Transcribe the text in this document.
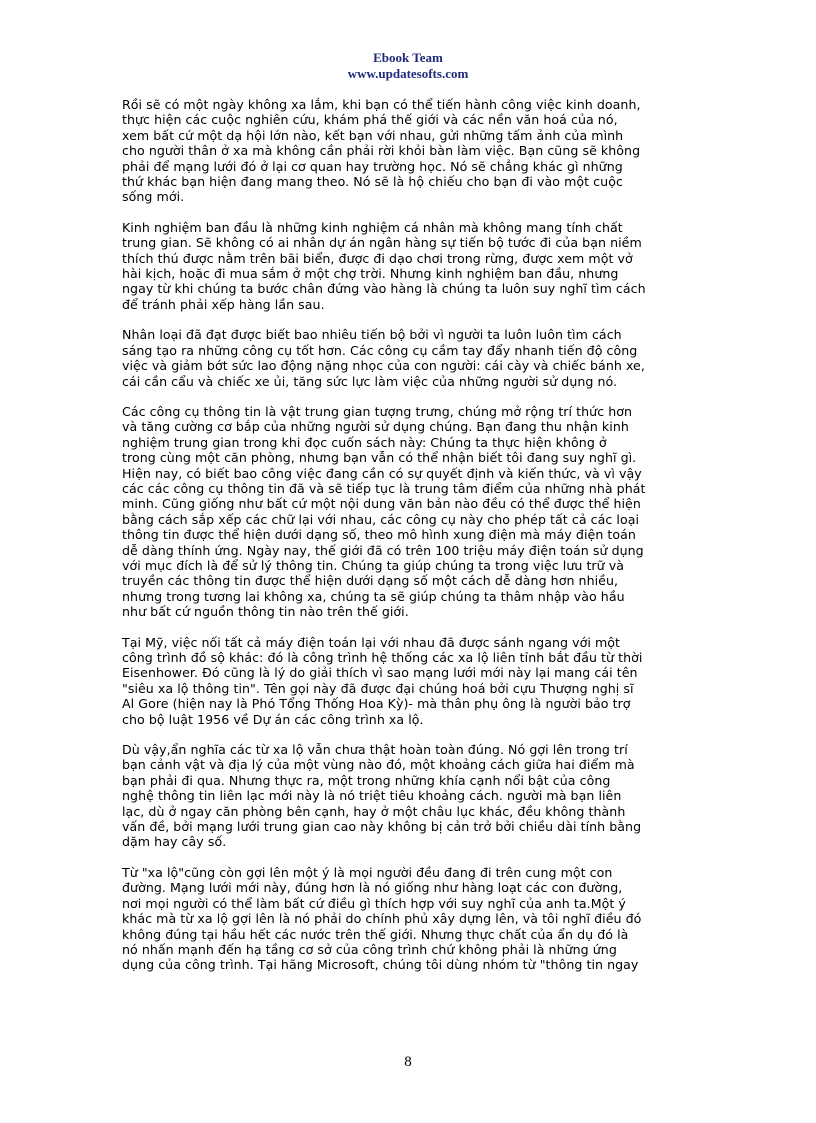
Ebook Team
www.updatesofts.com

Rồi sẽ có một ngày không xa lắm, khi bạn có thể tiến hành công việc kinh doanh,
thực hiện các cuộc nghiên cứu, khám phá thế giới và các nền văn hoá của nó,
xem bất cứ một dạ hội lớn nào, kết bạn với nhau, gửi những tấm ảnh của mình
cho người thân ở xa mà không cần phải rời khỏi bàn làm việc. Bạn cũng sẽ không
phải để mạng lưới đó ở lại cơ quan hay trường học. Nó sẽ chẳng khác gì những
thứ khác bạn hiện đang mang theo. Nó sẽ là hộ chiếu cho bạn đi vào một cuộc
sống mới.

Kinh nghiệm ban đầu là những kinh nghiệm cá nhân mà không mang tính chất
trung gian. Sẽ không có ai nhân dự án ngân hàng sự tiến bộ tước đi của bạn niềm
thích thú được nằm trên bãi biển, được đi dạo chơi trong rừng, được xem một vở
hài kịch, hoặc đi mua sắm ở một chợ trời. Nhưng kinh nghiệm ban đầu, nhưng
ngay từ khi chúng ta bước chân đứng vào hàng là chúng ta luôn suy nghĩ tìm cách
để tránh phải xếp hàng lần sau.

Nhân loại đã đạt được biết bao nhiêu tiến bộ bởi vì người ta luôn luôn tìm cách
sáng tạo ra những công cụ tốt hơn. Các công cụ cầm tay đẩy nhanh tiến độ công
việc và giảm bớt sức lao động nặng nhọc của con người: cái cày và chiếc bánh xe,
cái cần cẩu và chiếc xe ủi, tăng sức lực làm việc của những người sử dụng nó.

Các công cụ thông tin là vật trung gian tượng trưng, chúng mở rộng trí thức hơn
và tăng cường cơ bắp của những người sử dụng chúng. Bạn đang thu nhận kinh
nghiệm trung gian trong khi đọc cuốn sách này: Chúng ta thực hiện không ở
trong cùng một căn phòng, nhưng bạn vẫn có thể nhận biết tôi đang suy nghĩ gì.
Hiện nay, có biết bao công việc đang cần có sự quyết định và kiến thức, và vì vậy
các các công cụ thông tin đã và sẽ tiếp tục là trung tâm điểm của những nhà phát
minh. Cũng giống như bất cứ một nội dung văn bản nào đều có thể được thể hiện
bằng cách sắp xếp các chữ lại với nhau, các công cụ này cho phép tất cả các loại
thông tin được thể hiện dưới dạng số, theo mô hình xung điện mà máy điện toán
dễ dàng thính ứng. Ngày nay, thế giới đã có trên 100 triệu máy điện toán sử dụng
với mục đích là để sử lý thông tin. Chúng ta giúp chúng ta trong việc lưu trữ và
truyền các thông tin được thể hiện dưới dạng số một cách dễ dàng hơn nhiều,
nhưng trong tương lai không xa, chúng ta sẽ giúp chúng ta thâm nhập vào hầu
như bất cứ nguồn thông tin nào trên thế giới.

Tại Mỹ, việc nối tất cả máy điện toán lại với nhau đã được sánh ngang với một
công trình đồ sộ khác: đó là công trình hệ thống các xa lộ liên tỉnh bắt đầu từ thời
Eisenhower. Đó cũng là lý do giải thích vì sao mạng lưới mới này lại mang cái tên
"siêu xa lộ thông tin". Tên gọi này đã được đại chúng hoá bởi cựu Thượng nghị sĩ
Al Gore (hiện nay là Phó Tổng Thống Hoa Kỳ)- mà thân phụ ông là người bảo trợ
cho bộ luật 1956 về Dự án các công trình xa lộ.

Dù vậy,ẩn nghĩa các từ xa lộ vẫn chưa thật hoàn toàn đúng. Nó gợi lên trong trí
bạn cảnh vật và địa lý của một vùng nào đó, một khoảng cách giữa hai điểm mà
bạn phải đi qua. Nhưng thực ra, một trong những khía cạnh nổi bật của công
nghệ thông tin liên lạc mới này là nó triệt tiêu khoảng cách. người mà bạn liên
lạc, dù ở ngay căn phòng bên cạnh, hay ở một châu lục khác, đều không thành
vấn đề, bởi mạng lưới trung gian cao này không bị cản trở bởi chiều dài tính bằng
dặm hay cây số.

Từ "xa lộ"cũng còn gợi lên một ý là mọi người đều đang đi trên cung một con
đường. Mạng lưới mới này, đúng hơn là nó giống như hàng loạt các con đường,
nơi mọi người có thể làm bất cứ điều gì thích hợp với suy nghĩ của anh ta.Một ý
khác mà từ xa lộ gợi lên là nó phải do chính phủ xây dựng lên, và tôi nghĩ điều đó
không đúng tại hầu hết các nước trên thế giới. Nhưng thực chất của ẩn dụ đó là
nó nhấn mạnh đến hạ tầng cơ sở của công trình chứ không phải là những ứng
dụng của công trình. Tại hãng Microsoft, chúng tôi dùng nhóm từ "thông tin ngay

8
